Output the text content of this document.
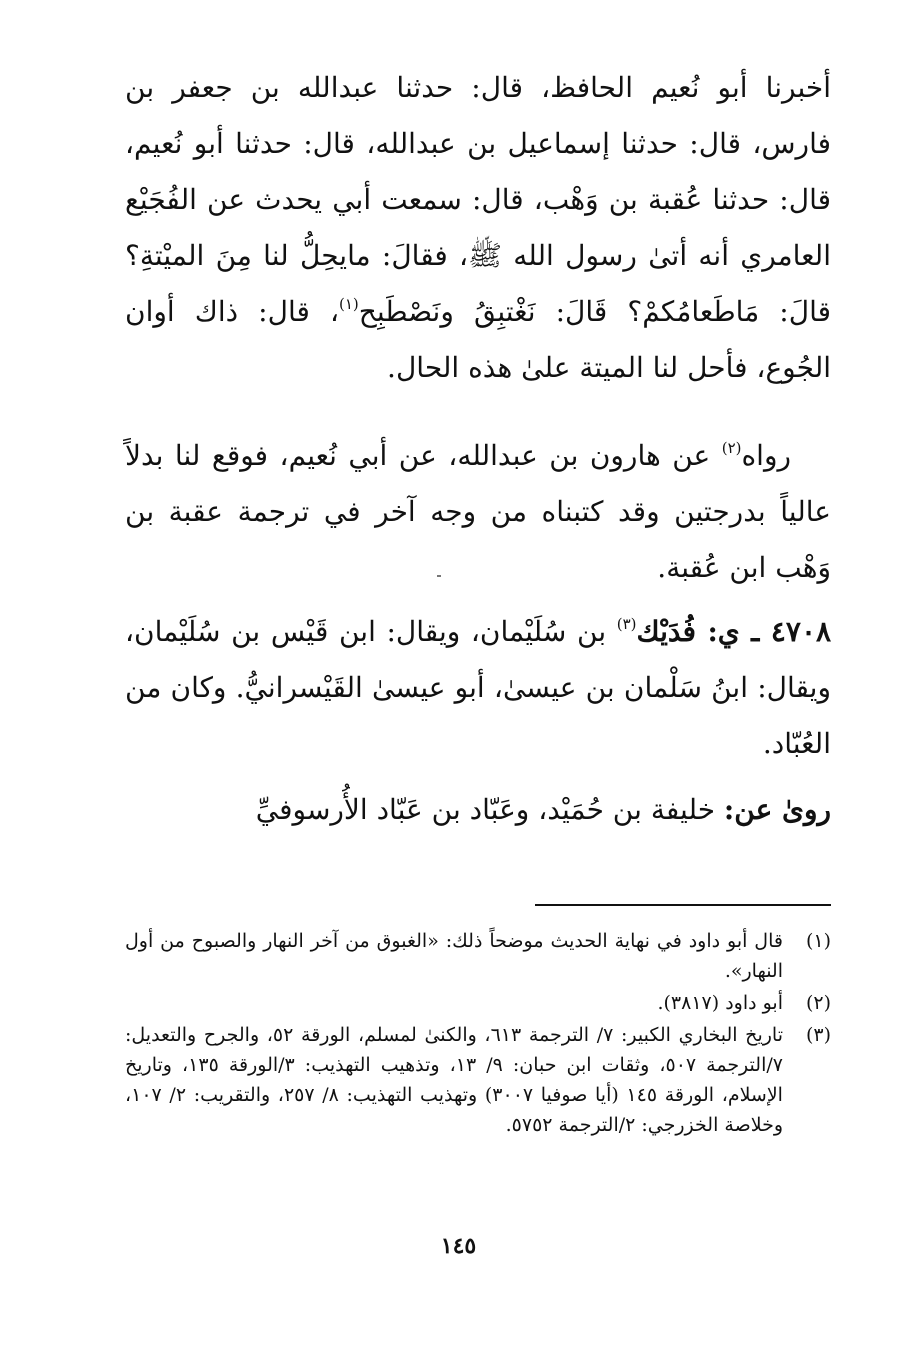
أخبرنا أبو نُعيم الحافظ، قال: حدثنا عبدالله بن جعفر بن فارس، قال: حدثنا إسماعيل بن عبدالله، قال: حدثنا أبو نُعيم، قال: حدثنا عُقبة بن وَهْب، قال: سمعت أبي يحدث عن الفُجَيْع العامري أنه أتىٰ رسول الله ﷺ، فقالَ: مايحِلُّ لنا مِنَ الميْتةِ؟ قالَ: مَاطَعامُكمْ؟ قَالَ: نَغْتبِقُ ونَصْطَبِح$^{(١)}$، قال: ذاك أوان الجُوع، فأحل لنا الميتة علىٰ هذه الحال.

رواه$^{(٢)}$ عن هارون بن عبدالله، عن أبي نُعيم، فوقع لنا بدلاً عالياً بدرجتين وقد كتبناه من وجه آخر في ترجمة عقبة بن وَهْب ابن عُقبة.

٤٧٠٨ ـ ي: فُدَيْك$^{(٣)}$ بن سُلَيْمان، ويقال: ابن قَيْس بن سُلَيْمان، ويقال: ابنُ سَلْمان بن عيسىٰ، أبو عيسىٰ القَيْسرانيُّ. وكان من العُبّاد.

روىٰ عن: خليفة بن حُمَيْد، وعَبّاد بن عَبّاد الأُرسوفيِّ

(١)
قال أبو داود في نهاية الحديث موضحاً ذلك: «الغبوق من آخر النهار والصبوح من أول النهار».
(٢)
أبو داود (٣٨١٧).
(٣)
تاريخ البخاري الكبير: ٧/ الترجمة ٦١٣، والكنىٰ لمسلم، الورقة ٥٢، والجرح والتعديل: ٧/الترجمة ٥٠٧، وثقات ابن حبان: ٩/ ١٣، وتذهيب التهذيب: ٣/الورقة ١٣٥، وتاريخ الإسلام، الورقة ١٤٥ (أيا صوفيا ٣٠٠٧) وتهذيب التهذيب: ٨/ ٢٥٧، والتقريب: ٢/ ١٠٧، وخلاصة الخزرجي: ٢/الترجمة ٥٧٥٢.
١٤٥
